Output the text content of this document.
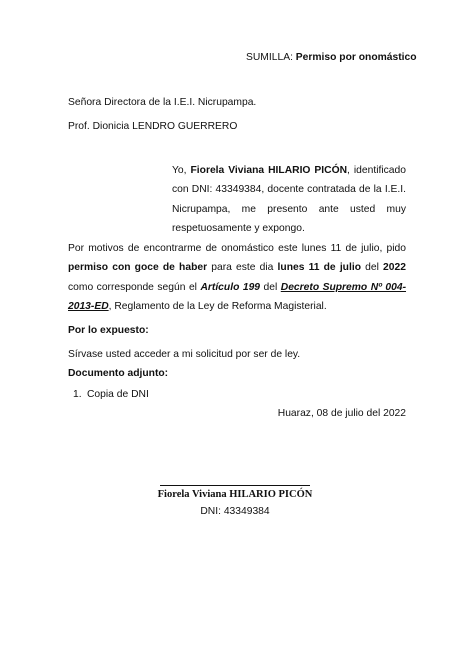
SUMILLA: Permiso por onomástico
Señora Directora de la I.E.I. Nicrupampa.
Prof. Dionicia LENDRO GUERRERO
Yo, Fiorela Viviana HILARIO PICÓN, identificado con DNI: 43349384, docente contratada de la I.E.I. Nicrupampa, me presento ante usted muy respetuosamente y expongo.
Por motivos de encontrarme de onomástico este lunes 11 de julio, pido permiso con goce de haber para este dia lunes 11 de julio del 2022 como corresponde según el Artículo 199 del Decreto Supremo Nº 004-2013-ED, Reglamento de la Ley de Reforma Magisterial.
Por lo expuesto:
Sírvase usted acceder a mi solicitud por ser de ley.
Documento adjunto:
1. Copia de DNI
Huaraz, 08 de julio del 2022
Fiorela Viviana HILARIO PICÓN
DNI: 43349384
